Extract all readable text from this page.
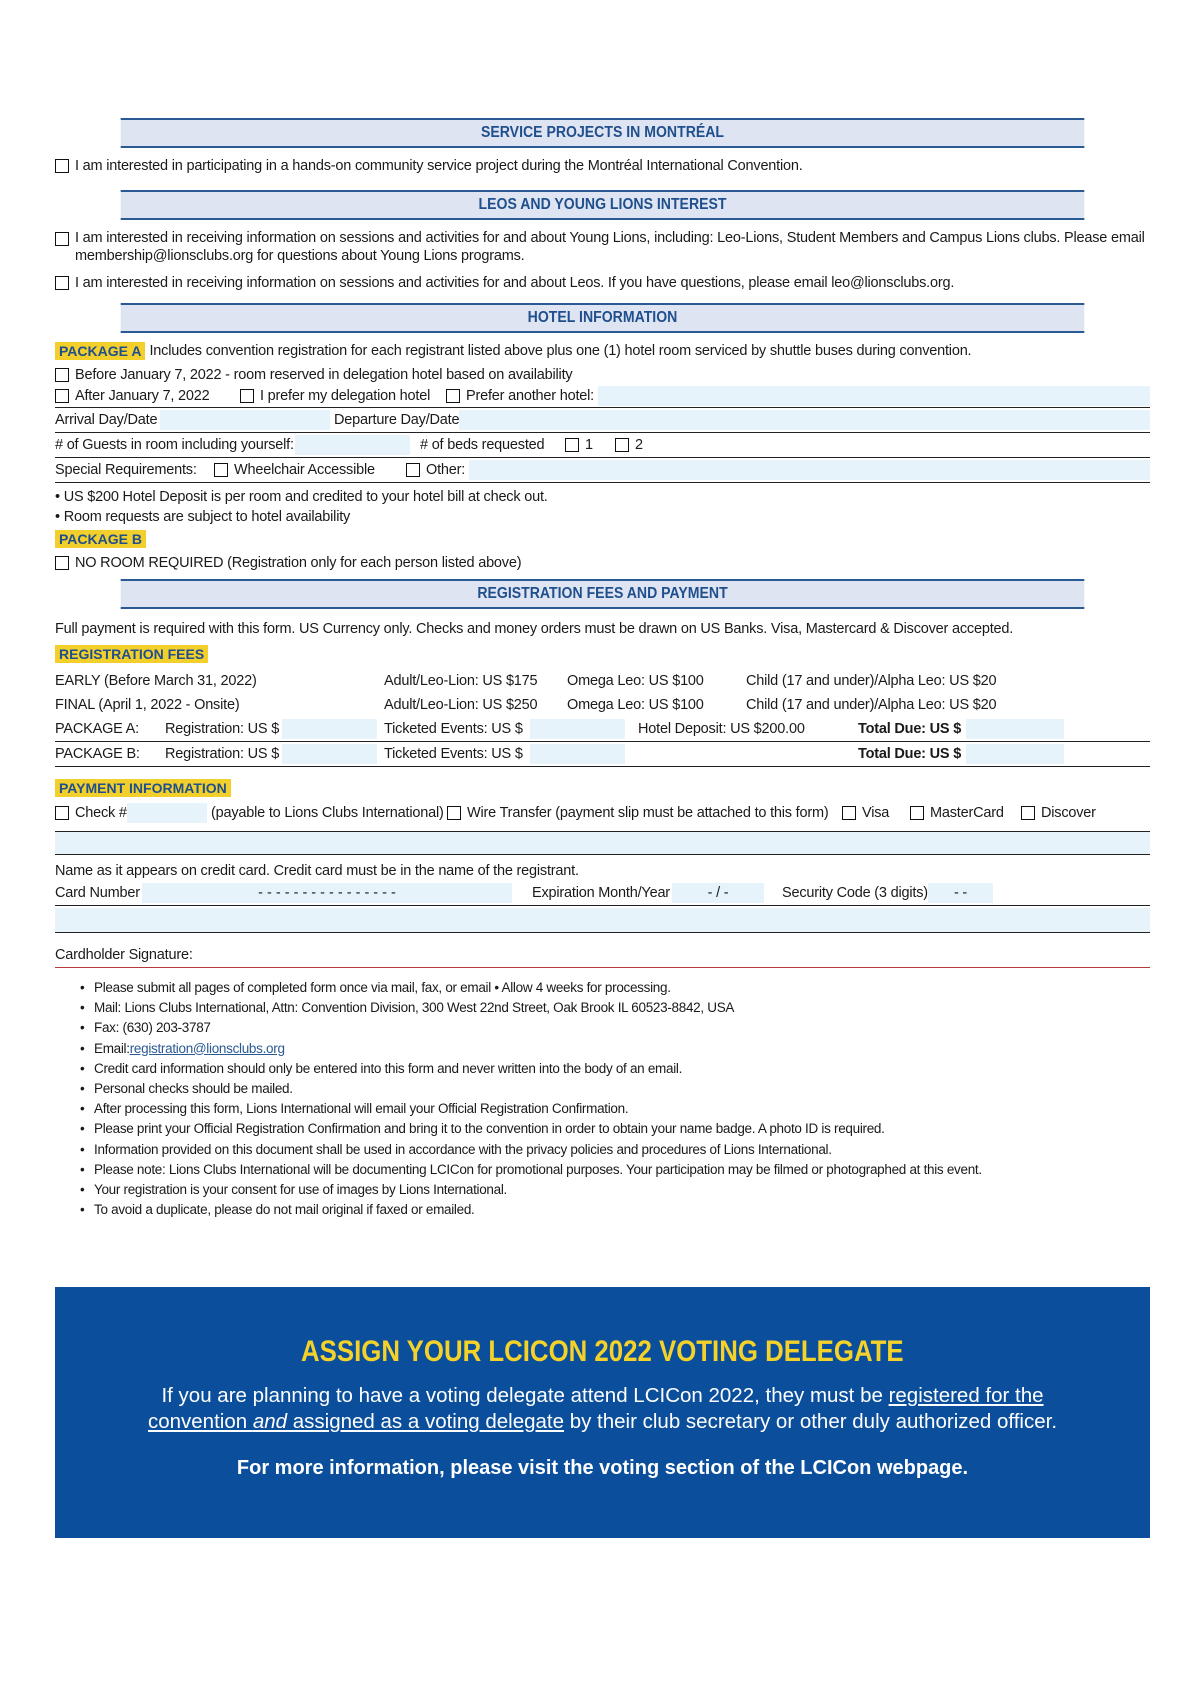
SERVICE PROJECTS IN MONTRÉAL
I am interested in participating in a hands-on community service project during the Montréal International Convention.
LEOS AND YOUNG LIONS INTEREST
I am interested in receiving information on sessions and activities for and about Young Lions, including: Leo-Lions, Student Members and Campus Lions clubs. Please email
membership@lionsclubs.org for questions about Young Lions programs.
I am interested in receiving information on sessions and activities for and about Leos. If you have questions, please email leo@lionsclubs.org.
HOTEL INFORMATION
PACKAGE A Includes convention registration for each registrant listed above plus one (1) hotel room serviced by shuttle buses during convention.
Before January 7, 2022 - room reserved in delegation hotel based on availability
After January 7, 2022	I prefer my delegation hotel	Prefer another hotel:
Arrival Day/Date	Departure Day/Date
# of Guests in room including yourself:	# of beds requested	1	2
Special Requirements:	Wheelchair Accessible	Other:
• US $200 Hotel Deposit is per room and credited to your hotel bill at check out.
• Room requests are subject to hotel availability
PACKAGE B
NO ROOM REQUIRED (Registration only for each person listed above)
REGISTRATION FEES AND PAYMENT
Full payment is required with this form. US Currency only. Checks and money orders must be drawn on US Banks. Visa, Mastercard & Discover accepted.
REGISTRATION FEES
EARLY (Before March 31, 2022)	Adult/Leo-Lion: US $175	Omega Leo: US $100	Child (17 and under)/Alpha Leo: US $20
FINAL (April 1, 2022 - Onsite)	Adult/Leo-Lion: US $250	Omega Leo: US $100	Child (17 and under)/Alpha Leo: US $20
PACKAGE A:	Registration: US $	Ticketed Events: US $	Hotel Deposit: US $200.00	Total Due: US $
PACKAGE B:	Registration: US $	Ticketed Events: US $	Total Due: US $
PAYMENT INFORMATION
Check #	(payable to Lions Clubs International) Wire Transfer (payment slip must be attached to this form)	Visa	MasterCard	Discover
Name as it appears on credit card. Credit card must be in the name of the registrant.
Card Number	- - - - - - - - - - - - - - - -	Expiration Month/Year	- / -	Security Code (3 digits)	- -
Cardholder Signature:
• Please submit all pages of completed form once via mail, fax, or email • Allow 4 weeks for processing.
• Mail: Lions Clubs International, Attn: Convention Division, 300 West 22nd Street, Oak Brook IL 60523-8842, USA
• Fax: (630) 203-3787
• Email: registration@lionsclubs.org
• Credit card information should only be entered into this form and never written into the body of an email.
• Personal checks should be mailed.
• After processing this form, Lions International will email your Official Registration Confirmation.
• Please print your Official Registration Confirmation and bring it to the convention in order to obtain your name badge. A photo ID is required.
• Information provided on this document shall be used in accordance with the privacy policies and procedures of Lions International.
• Please note: Lions Clubs International will be documenting LCICon for promotional purposes. Your participation may be filmed or photographed at this event.
• Your registration is your consent for use of images by Lions International.
• To avoid a duplicate, please do not mail original if faxed or emailed.
ASSIGN YOUR LCICON 2022 VOTING DELEGATE
If you are planning to have a voting delegate attend LCICon 2022, they must be registered for the
convention and assigned as a voting delegate by their club secretary or other duly authorized officer.
For more information, please visit the voting section of the LCICon webpage.
